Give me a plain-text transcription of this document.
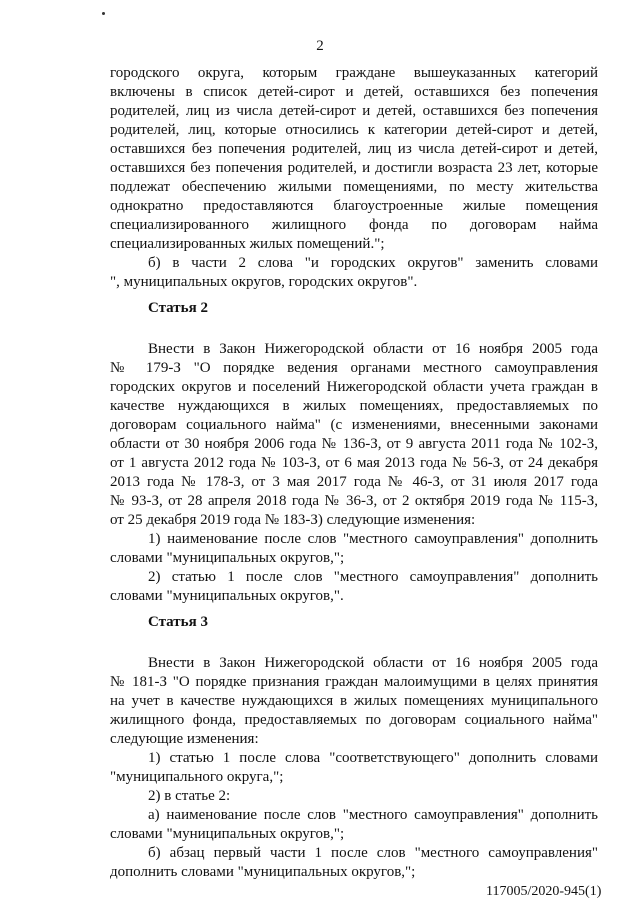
2
городского округа, которым граждане вышеуказанных категорий
включены в список детей-сирот и детей, оставшихся без попечения
родителей, лиц из числа детей-сирот и детей, оставшихся без попечения
родителей, лиц, которые относились к категории детей-сирот и детей,
оставшихся без попечения родителей, лиц из числа детей-сирот и детей,
оставшихся без попечения родителей, и достигли возраста 23 лет, которые
подлежат обеспечению жилыми помещениями, по месту жительства
однократно предоставляются благоустроенные жилые помещения
специализированного жилищного фонда по договорам найма
специализированных жилых помещений.";
б) в части 2 слова "и городских округов" заменить словами
", муниципальных округов, городских округов".
Статья 2
Внести в Закон Нижегородской области от 16 ноября 2005 года
№ 179-З "О порядке ведения органами местного самоуправления
городских округов и поселений Нижегородской области учета граждан в
качестве нуждающихся в жилых помещениях, предоставляемых по
договорам социального найма" (с изменениями, внесенными законами
области от 30 ноября 2006 года № 136-З, от 9 августа 2011 года № 102-З,
от 1 августа 2012 года № 103-З, от 6 мая 2013 года № 56-З, от 24 декабря
2013 года № 178-З, от 3 мая 2017 года № 46-З, от 31 июля 2017 года
№ 93-З, от 28 апреля 2018 года № 36-З, от 2 октября 2019 года № 115-З,
от 25 декабря 2019 года № 183-З) следующие изменения:
1) наименование после слов "местного самоуправления" дополнить
словами "муниципальных округов,";
2) статью 1 после слов "местного самоуправления" дополнить
словами "муниципальных округов,".
Статья 3
Внести в Закон Нижегородской области от 16 ноября 2005 года
№ 181-З "О порядке признания граждан малоимущими в целях принятия
на учет в качестве нуждающихся в жилых помещениях муниципального
жилищного фонда, предоставляемых по договорам социального найма"
следующие изменения:
1) статью 1 после слова "соответствующего" дополнить словами
"муниципального округа,";
2) в статье 2:
а) наименование после слов "местного самоуправления" дополнить
словами "муниципальных округов,";
б) абзац первый части 1 после слов "местного самоуправления"
дополнить словами "муниципальных округов,";
117005/2020-945(1)
